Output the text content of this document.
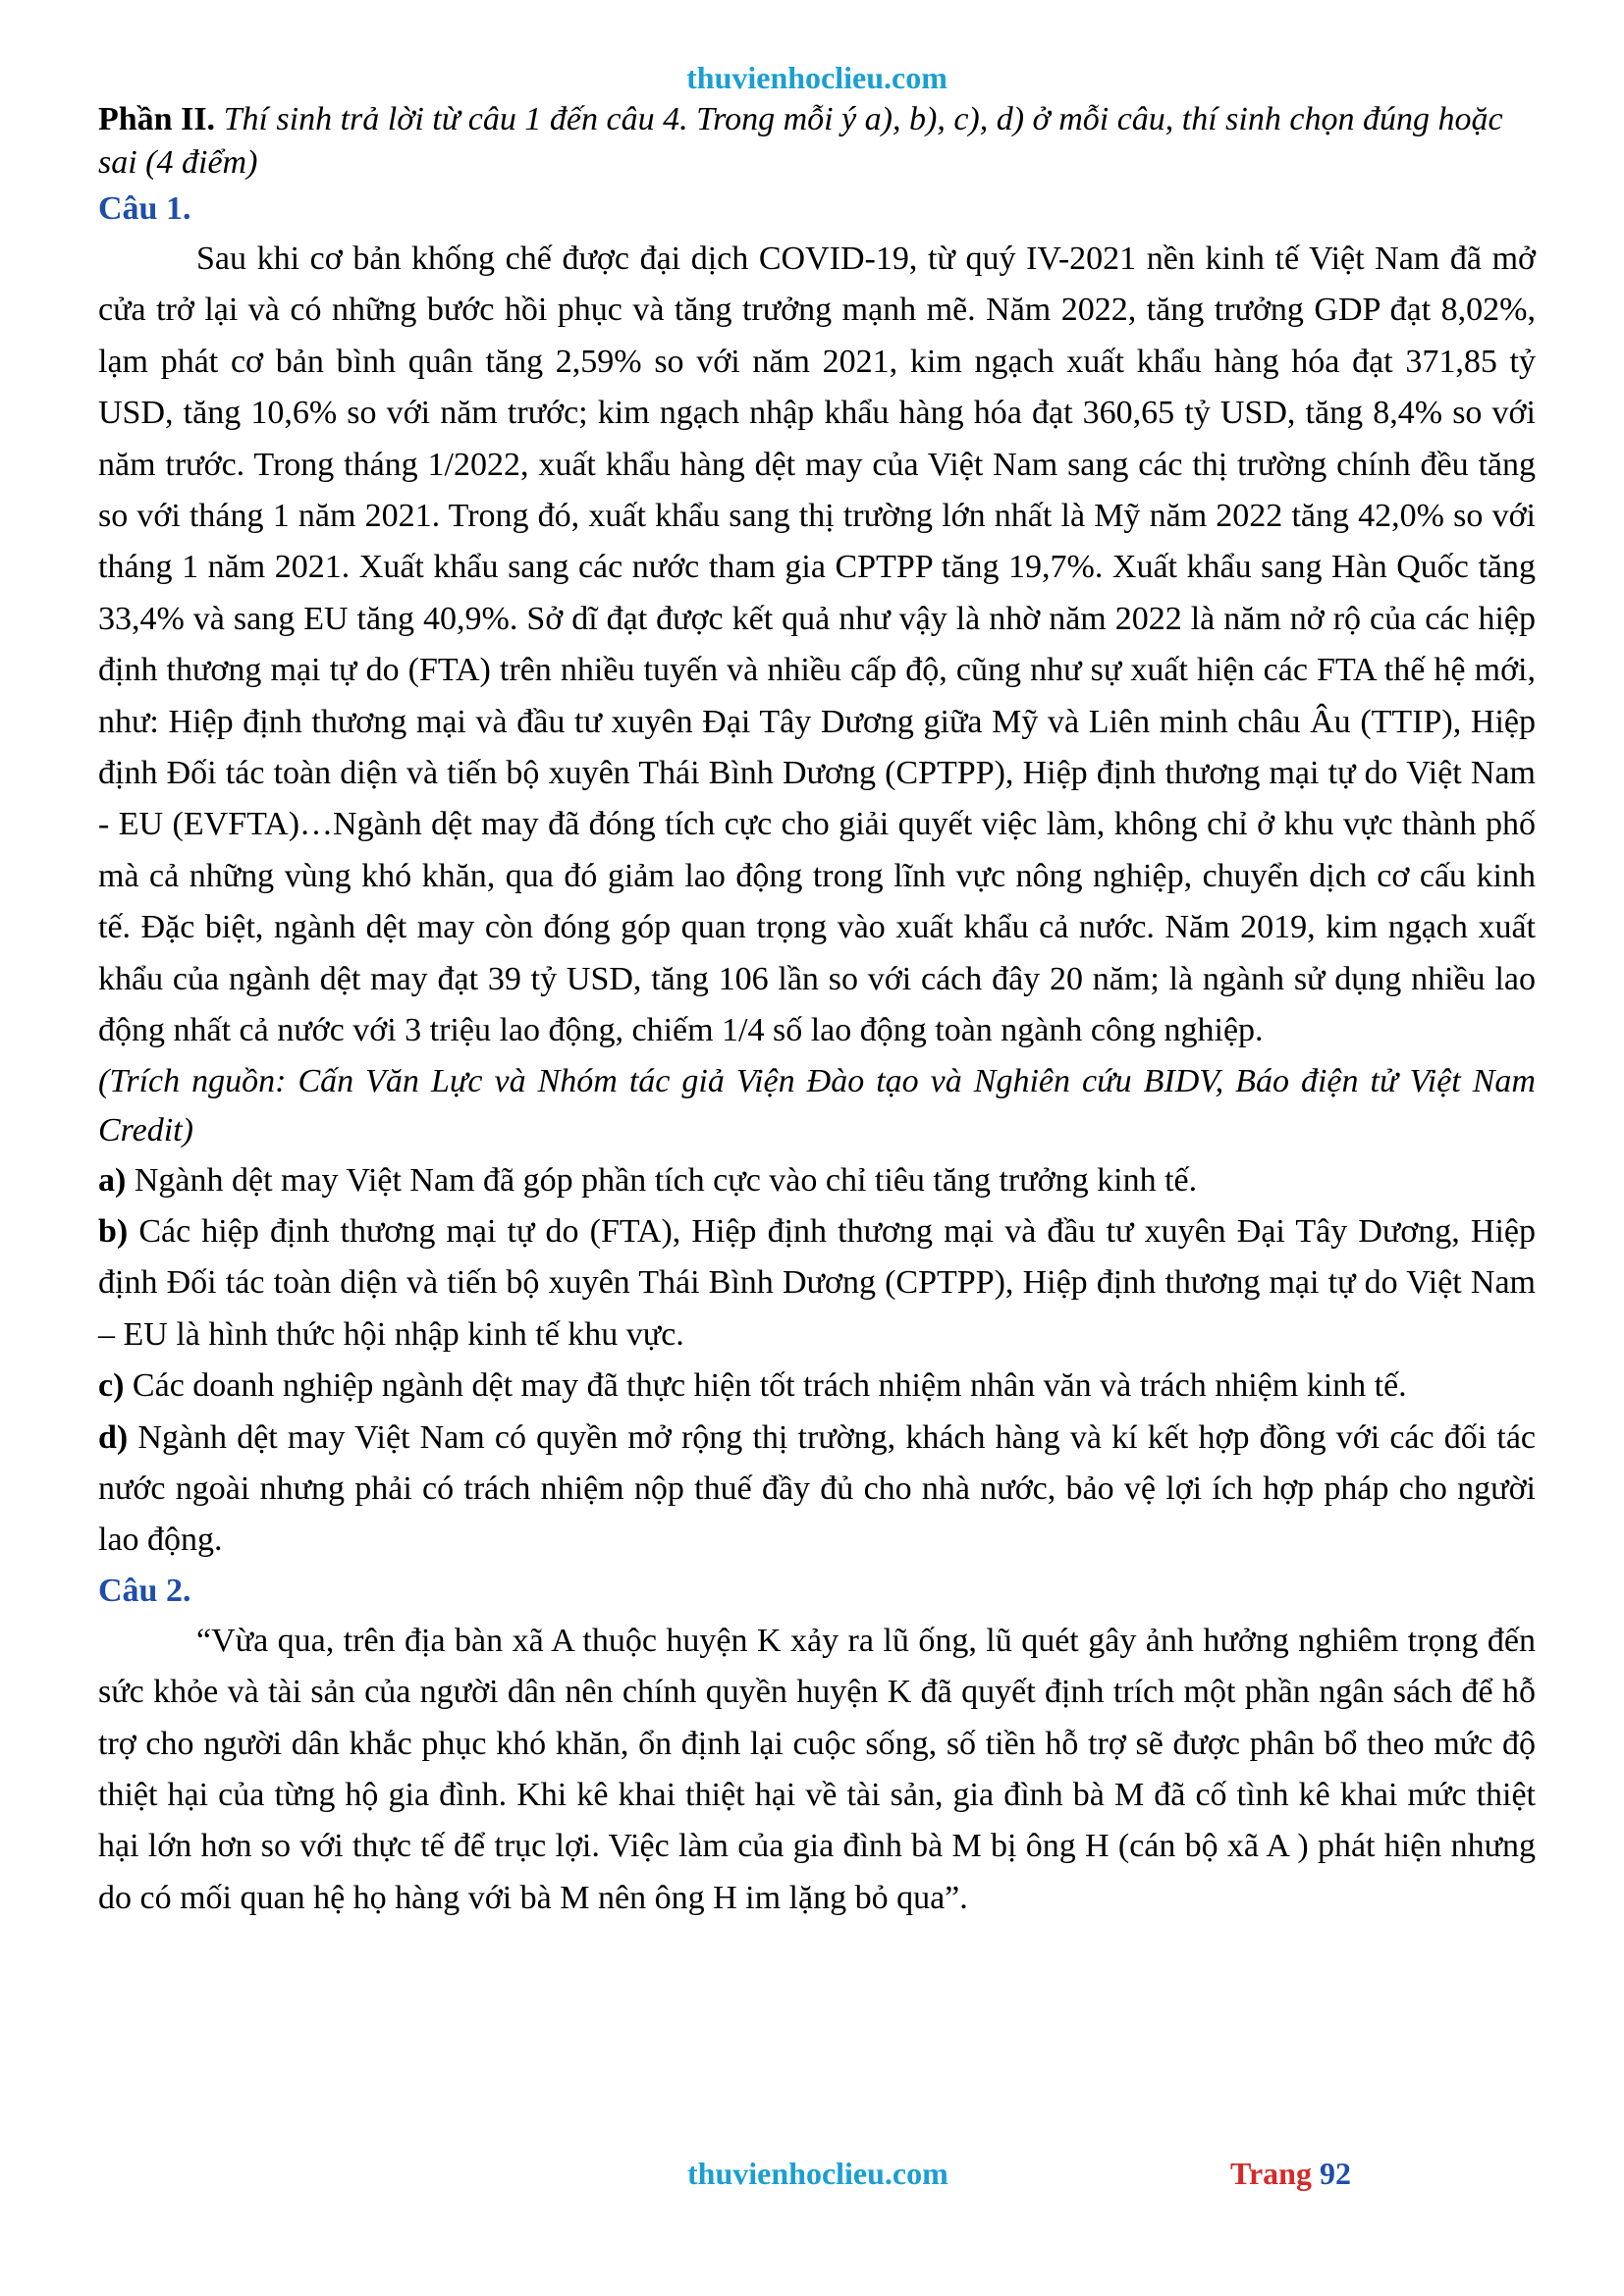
thuvienhoclieu.com

Phần II. Thí sinh trả lời từ câu 1 đến câu 4. Trong mỗi ý a), b), c), d) ở mỗi câu, thí sinh chọn đúng hoặc sai (4 điểm)

Câu 1.

Sau khi cơ bản khống chế được đại dịch COVID-19, từ quý IV-2021 nền kinh tế Việt Nam đã mở cửa trở lại và có những bước hồi phục và tăng trưởng mạnh mẽ. Năm 2022, tăng trưởng GDP đạt 8,02%, lạm phát cơ bản bình quân tăng 2,59% so với năm 2021, kim ngạch xuất khẩu hàng hóa đạt 371,85 tỷ USD, tăng 10,6% so với năm trước; kim ngạch nhập khẩu hàng hóa đạt 360,65 tỷ USD, tăng 8,4% so với năm trước. Trong tháng 1/2022, xuất khẩu hàng dệt may của Việt Nam sang các thị trường chính đều tăng so với tháng 1 năm 2021. Trong đó, xuất khẩu sang thị trường lớn nhất là Mỹ năm 2022 tăng 42,0% so với tháng 1 năm 2021. Xuất khẩu sang các nước tham gia CPTPP tăng 19,7%. Xuất khẩu sang Hàn Quốc tăng 33,4% và sang EU tăng 40,9%. Sở dĩ đạt được kết quả như vậy là nhờ năm 2022 là năm nở rộ của các hiệp định thương mại tự do (FTA) trên nhiều tuyến và nhiều cấp độ, cũng như sự xuất hiện các FTA thế hệ mới, như: Hiệp định thương mại và đầu tư xuyên Đại Tây Dương giữa Mỹ và Liên minh châu Âu (TTIP), Hiệp định Đối tác toàn diện và tiến bộ xuyên Thái Bình Dương (CPTPP), Hiệp định thương mại tự do Việt Nam - EU (EVFTA)…Ngành dệt may đã đóng tích cực cho giải quyết việc làm, không chỉ ở khu vực thành phố mà cả những vùng khó khăn, qua đó giảm lao động trong lĩnh vực nông nghiệp, chuyển dịch cơ cấu kinh tế. Đặc biệt, ngành dệt may còn đóng góp quan trọng vào xuất khẩu cả nước. Năm 2019, kim ngạch xuất khẩu của ngành dệt may đạt 39 tỷ USD, tăng 106 lần so với cách đây 20 năm; là ngành sử dụng nhiều lao động nhất cả nước với 3 triệu lao động, chiếm 1/4 số lao động toàn ngành công nghiệp.

(Trích nguồn: Cấn Văn Lực và Nhóm tác giả Viện Đào tạo và Nghiên cứu BIDV, Báo điện tử Việt Nam Credit)

a) Ngành dệt may Việt Nam đã góp phần tích cực vào chỉ tiêu tăng trưởng kinh tế.

b) Các hiệp định thương mại tự do (FTA), Hiệp định thương mại và đầu tư xuyên Đại Tây Dương, Hiệp định Đối tác toàn diện và tiến bộ xuyên Thái Bình Dương (CPTPP), Hiệp định thương mại tự do Việt Nam – EU là hình thức hội nhập kinh tế khu vực.

c) Các doanh nghiệp ngành dệt may đã thực hiện tốt trách nhiệm nhân văn và trách nhiệm kinh tế.

d) Ngành dệt may Việt Nam có quyền mở rộng thị trường, khách hàng và kí kết hợp đồng với các đối tác nước ngoài nhưng phải có trách nhiệm nộp thuế đầy đủ cho nhà nước, bảo vệ lợi ích hợp pháp cho người lao động.

Câu 2.

“Vừa qua, trên địa bàn xã A thuộc huyện K xảy ra lũ ống, lũ quét gây ảnh hưởng nghiêm trọng đến sức khỏe và tài sản của người dân nên chính quyền huyện K đã quyết định trích một phần ngân sách để hỗ trợ cho người dân khắc phục khó khăn, ổn định lại cuộc sống, số tiền hỗ trợ sẽ được phân bổ theo mức độ thiệt hại của từng hộ gia đình. Khi kê khai thiệt hại về tài sản, gia đình bà M đã cố tình kê khai mức thiệt hại lớn hơn so với thực tế để trục lợi. Việc làm của gia đình bà M bị ông H (cán bộ xã A ) phát hiện nhưng do có mối quan hệ họ hàng với bà M nên ông H im lặng bỏ qua”.

thuvienhoclieu.com	Trang 92
